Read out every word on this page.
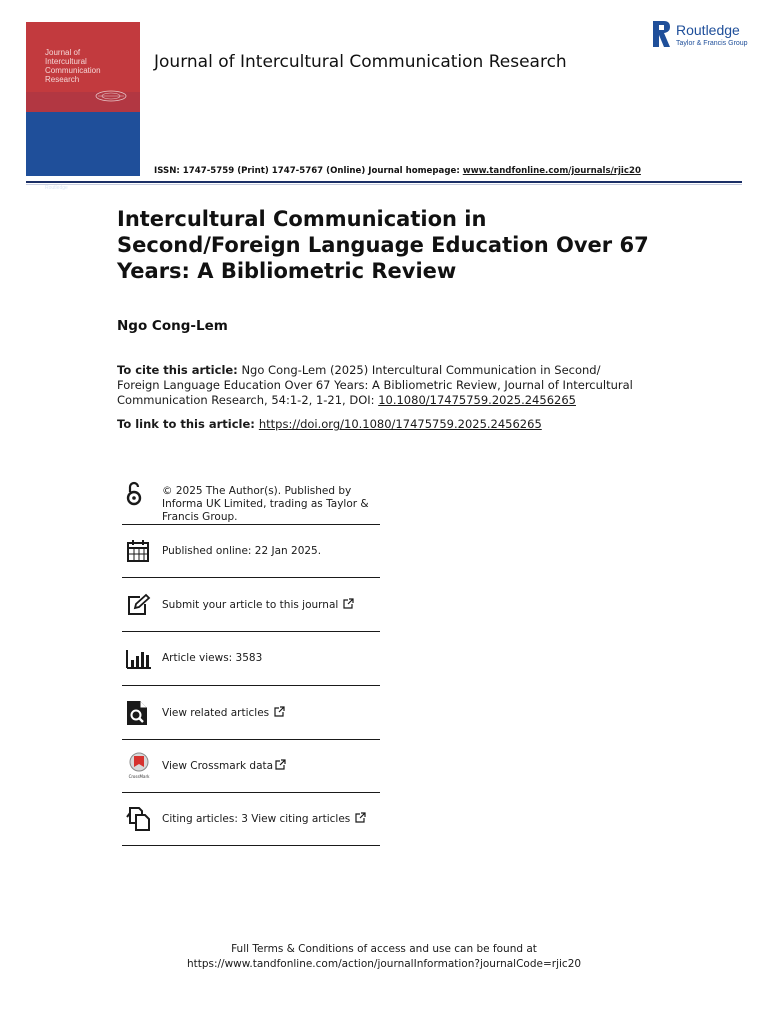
Journal of
Intercultural
Communication
Research
Routledge
Journal of Intercultural Communication Research
Routledge
Taylor & Francis Group
ISSN: 1747-5759 (Print) 1747-5767 (Online) Journal homepage: www.tandfonline.com/journals/rjic20
Intercultural Communication in Second/Foreign Language Education Over 67 Years: A Bibliometric Review
Ngo Cong-Lem
To cite this article: Ngo Cong-Lem (2025) Intercultural Communication in Second/ Foreign Language Education Over 67 Years: A Bibliometric Review, Journal of Intercultural Communication Research, 54:1-2, 1-21, DOI: 10.1080/17475759.2025.2456265
To link to this article: https://doi.org/10.1080/17475759.2025.2456265
© 2025 The Author(s). Published by Informa UK Limited, trading as Taylor & Francis Group.
Published online: 22 Jan 2025.
Submit your article to this journal
Article views: 3583
View related articles
CrossMark
View Crossmark data
Citing articles: 3 View citing articles
Full Terms & Conditions of access and use can be found at
https://www.tandfonline.com/action/journalInformation?journalCode=rjic20
